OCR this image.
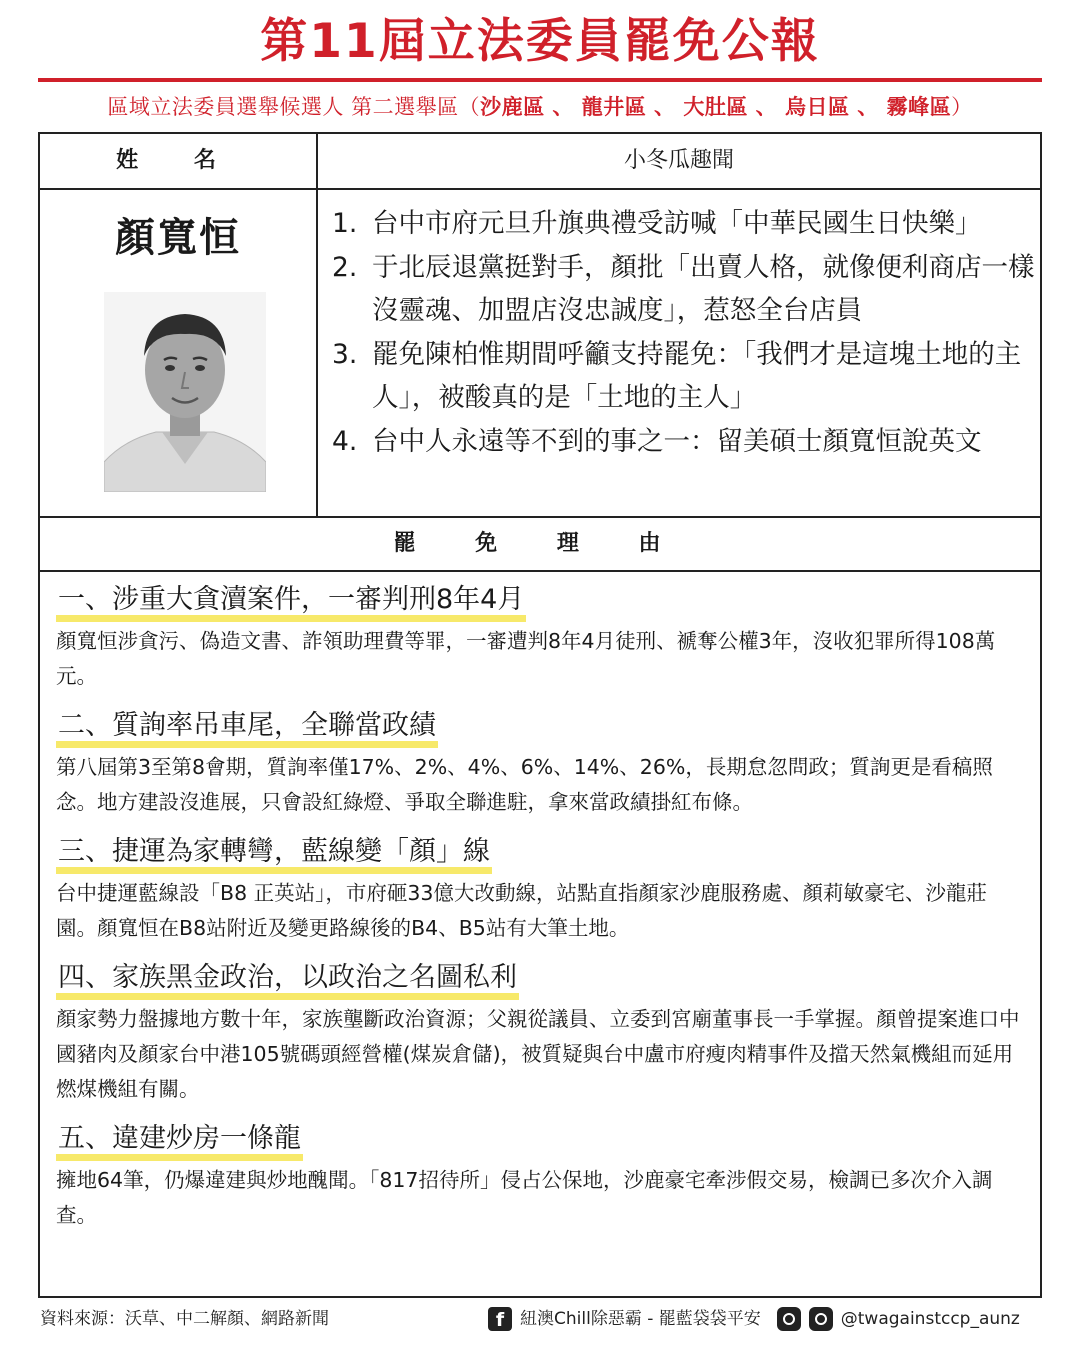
第11屆立法委員罷免公報
區域立法委員選舉候選人 第二選舉區（沙鹿區 、 龍井區 、 大肚區 、 烏日區 、 霧峰區）
姓 名	小冬瓜趣聞
顏寬恒	1. 台中市府元旦升旗典禮受訪喊「中華民國生日快樂」
2. 于北辰退黨挺對手，顏批「出賣人格，就像便利商店一樣沒靈魂、加盟店沒忠誠度」，惹怒全台店員
3. 罷免陳柏惟期間呼籲支持罷免：「我們才是這塊土地的主人」，被酸真的是「土地的主人」
4. 台中人永遠等不到的事之一：留美碩士顏寬恒說英文
罷 免 理 由
一、涉重大貪瀆案件，一審判刑8年4月
顏寬恒涉貪污、偽造文書、詐領助理費等罪，一審遭判8年4月徒刑、褫奪公權3年，沒收犯罪所得108萬元。
二、質詢率吊車尾，全聯當政績
第八屆第3至第8會期，質詢率僅17%、2%、4%、6%、14%、26%，長期怠忽問政；質詢更是看稿照念。地方建設沒進展，只會設紅綠燈、爭取全聯進駐，拿來當政績掛紅布條。
三、捷運為家轉彎，藍線變「顏」線
台中捷運藍線設「B8 正英站」，市府砸33億大改動線，站點直指顏家沙鹿服務處、顏莉敏豪宅、沙龍莊園。顏寬恒在B8站附近及變更路線後的B4、B5站有大筆土地。
四、家族黑金政治，以政治之名圖私利
顏家勢力盤據地方數十年，家族壟斷政治資源；父親從議員、立委到宮廟董事長一手掌握。顏曾提案進口中國豬肉及顏家台中港105號碼頭經營權(煤炭倉儲)，被質疑與台中盧市府瘦肉精事件及擋天然氣機組而延用燃煤機組有關。
五、違建炒房一條龍
擁地64筆，仍爆違建與炒地醜聞。「817招待所」侵占公保地，沙鹿豪宅牽涉假交易，檢調已多次介入調查。
資料來源：沃草、中二解顏、網路新聞	f 紐澳Chill除惡霸 - 罷藍袋袋平安	@twagainstccp_aunz
